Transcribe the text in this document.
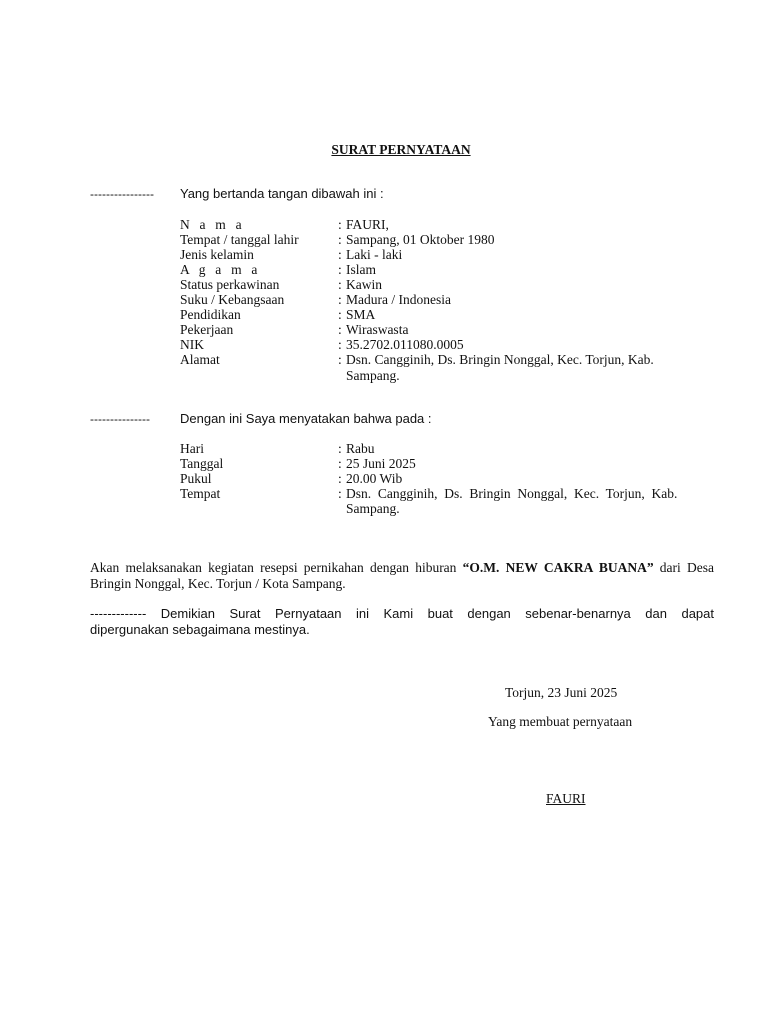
SURAT PERNYATAAN
---------------- Yang bertanda tangan dibawah ini :
N a m a	: FAURI,
Tempat / tanggal lahir	: Sampang, 01 Oktober 1980
Jenis kelamin	: Laki - laki
A g a m a	: Islam
Status perkawinan	: Kawin
Suku / Kebangsaan	: Madura / Indonesia
Pendidikan	: SMA
Pekerjaan	: Wiraswasta
NIK	: 35.2702.011080.0005
Alamat	: Dsn. Cangginih, Ds. Bringin Nonggal, Kec. Torjun, Kab.
Sampang.
--------------- Dengan ini Saya menyatakan bahwa pada :
Hari	: Rabu
Tanggal	: 25 Juni 2025
Pukul	: 20.00 Wib
Tempat	: Dsn.  Cangginih,  Ds.  Bringin  Nonggal,  Kec.  Torjun,  Kab.
Sampang.
Akan melaksanakan kegiatan resepsi pernikahan dengan hiburan “O.M. NEW CAKRA BUANA” dari Desa Bringin Nonggal, Kec. Torjun / Kota Sampang.
-------------  Demikian  Surat  Pernyataan  ini  Kami  buat  dengan  sebenar-benarnya  dan  dapat dipergunakan sebagaimana mestinya.
Torjun, 23 Juni 2025
Yang membuat pernyataan
FAURI
